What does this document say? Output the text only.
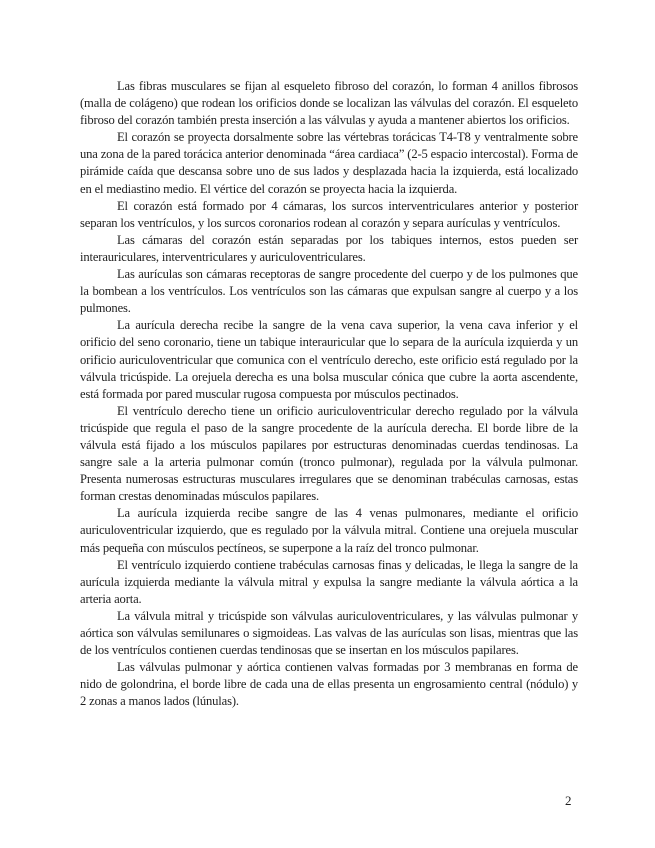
Las fibras musculares se fijan al esqueleto fibroso del corazón, lo forman 4 anillos fibrosos (malla de colágeno) que rodean los orificios donde se localizan las válvulas del corazón. El esqueleto fibroso del corazón también presta inserción a las válvulas y ayuda a mantener abiertos los orificios.

El corazón se proyecta dorsalmente sobre las vértebras torácicas T4-T8 y ventralmente sobre una zona de la pared torácica anterior denominada “área cardiaca” (2-5 espacio intercostal). Forma de pirámide caída que descansa sobre uno de sus lados y desplazada hacia la izquierda, está localizado en el mediastino medio. El vértice del corazón se proyecta hacia la izquierda.

El corazón está formado por 4 cámaras, los surcos interventriculares anterior y posterior separan los ventrículos, y los surcos coronarios rodean al corazón y separa aurículas y ventrículos.

Las cámaras del corazón están separadas por los tabiques internos, estos pueden ser interauriculares, interventriculares y auriculoventriculares.

Las aurículas son cámaras receptoras de sangre procedente del cuerpo y de los pulmones que la bombean a los ventrículos. Los ventrículos son las cámaras que expulsan sangre al cuerpo y a los pulmones.

La aurícula derecha recibe la sangre de la vena cava superior, la vena cava inferior y el orificio del seno coronario, tiene un tabique interauricular que lo separa de la aurícula izquierda y un orificio auriculoventricular que comunica con el ventrículo derecho, este orificio está regulado por la válvula tricúspide. La orejuela derecha es una bolsa muscular cónica que cubre la aorta ascendente, está formada por pared muscular rugosa compuesta por músculos pectinados.

El ventrículo derecho tiene un orificio auriculoventricular derecho regulado por la válvula tricúspide que regula el paso de la sangre procedente de la aurícula derecha. El borde libre de la válvula está fijado a los músculos papilares por estructuras denominadas cuerdas tendinosas. La sangre sale a la arteria pulmonar común (tronco pulmonar), regulada por la válvula pulmonar. Presenta numerosas estructuras musculares irregulares que se denominan trabéculas carnosas, estas forman crestas denominadas músculos papilares.

La aurícula izquierda recibe sangre de las 4 venas pulmonares, mediante el orificio auriculoventricular izquierdo, que es regulado por la válvula mitral. Contiene una orejuela muscular más pequeña con músculos pectíneos, se superpone a la raíz del tronco pulmonar.

El ventrículo izquierdo contiene trabéculas carnosas finas y delicadas, le llega la sangre de la aurícula izquierda mediante la válvula mitral y expulsa la sangre mediante la válvula aórtica a la arteria aorta.

La válvula mitral y tricúspide son válvulas auriculoventriculares, y las válvulas pulmonar y aórtica son válvulas semilunares o sigmoideas. Las valvas de las aurículas son lisas, mientras que las de los ventrículos contienen cuerdas tendinosas que se insertan en los músculos papilares.

Las válvulas pulmonar y aórtica contienen valvas formadas por 3 membranas en forma de nido de golondrina, el borde libre de cada una de ellas presenta un engrosamiento central (nódulo) y 2 zonas a manos lados (lúnulas).

2
